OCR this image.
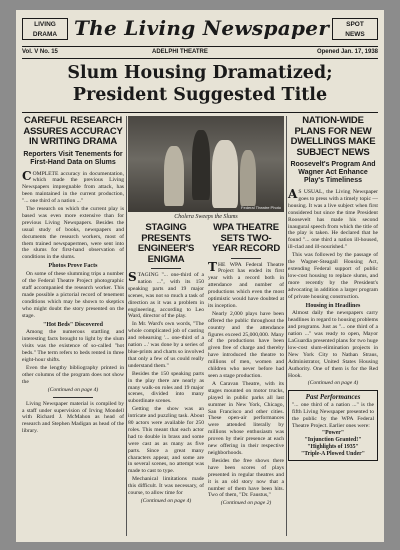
LIVING
DRAMA The Living Newspaper	SPOT
NEWS
Vol. V No. 15	ADELPHI THEATRE	Opened Jan. 17, 1938
Slum Housing Dramatized;
President Suggested Title
CAREFUL RESEARCH ASSURES ACCURACY IN WRITING DRAMA
Reporters Visit Tenements for First-Hand Data on Slums

COMPLETE accuracy in documentation, which made the previous Living Newspapers impregnable from attack, has been maintained in the current production, "... one third of a nation ..."

The research on which the current play is based was even more extensive than for previous Living Newspapers. Besides the usual study of books, newspapers and documents the research workers, most of them trained newspapermen, were sent into the slums for first-hand observation of conditions in the slums.

Photos Prove Facts

On some of these slumming trips a number of the Federal Theatre Project photographic staff accompanied the research worker. This made possible a pictorial record of tenement conditions which may be shown to skeptics who might doubt the story presented on the stage.

"Hot Beds" Discovered

Among the numerous startling and interesting facts brought to light by the slum visits was the existence of so-called "hot beds." The term refers to beds rented in three eight-hour shifts.

Even the lengthy bibliography printed in other columns of the program does not show the

(Continued on page 4)

Living Newspaper material is compiled by a staff under supervision of Irving Mondell with Richard J. McMahon as head of research and Stephen Madigan as head of the library.

Federal Theatre Photo
Cholera Sweeps the Slums
STAGING PRESENTS ENGINEER'S ENIGMA

STAGING "... one-third of a nation ...", with its 150 speaking parts and 19 major scenes, was not so much a task of direction as it was a problem in engineering, according to Leo Ward, director of the play.

In Mr. Ward's own words, "The whole complicated job of casting and rehearsing '... one-third of a nation ...' was done by a series of blue-prints and charts so involved that only a few of us could really understand them."

Besides the 150 speaking parts in the play there are nearly as many walk-on roles and 19 major scenes, divided into many subordinate scenes.

Getting the show was an intricate and puzzling task. About 80 actors were available for 250 roles. This meant that each actor had to double in brass and some were cast as as many as five parts. Since a great many characters appear, and some are in several scenes, no attempt was made to cast to type.

Mechanical limitations made this difficult. It was necessary, of course, to allow time for

(Continued on page 4)
WPA THEATRE SETS TWO-YEAR RECORD

THE WPA Federal Theatre Project has ended its first year with a record both in attendance and number of productions which even the most optimistic would have doubted at its inception.

Nearly 2,000 plays have been offered the public throughout the country and the attendance figures exceed 25,000,000. Many of the productions have been given free of charge and thereby have introduced the theatre to millions of men, women and children who never before had seen a stage production.

A Caravan Theatre, with its stages mounted on motor trucks, played in public parks all last summer in New York, Chicago, San Francisco and other cities. These open-air performances were attended literally by millions whose enthusiasm was proven by their presence at each new offering in their respective neighborhoods.

Besides the free shows there have been scores of plays presented in regular theatres and it is an old story now that a number of them have been hits. Two of them, "Dr. Faustus,"

(Continued on page 2)
NATION-WIDE PLANS FOR NEW DWELLINGS MAKE SUBJECT NEWS
Roosevelt's Program And Wagner Act Enhance Play's Timeliness

A S USUAL, the Living Newspaper goes to press with a timely topic — housing. It was a live subject when first considered but since the time President Roosevelt has made his second inaugural speech from which the title of the play is taken. He declared that he found "... one third a nation ill-housed, ill-clad and ill-nourished."

This was followed by the passage of the Wagner-Steagall Housing Act, extending Federal support of public low-cost housing to replace slums, and more recently by the President's advocating in addition a larger program of private housing construction.

Housing in Headlines

Almost daily the newspapers carry headlines in regard to housing problems and programs. Just as "... one third of a nation ..." was ready to open, Mayor LaGuardia presented plans for two huge low-cost slum-elimination projects in New York City to Nathan Straus, Administrator, United States Housing Authority. One of them is for the Red Hook.

(Continued on page 4)
Past Performances
"... one third of a nation ..." is the fifth Living Newspaper presented to the public by the WPA Federal Theatre Project. Earlier ones were:
"Power"
"Injunction Granted!"
"Highlights of 1935"
"Triple-A Plowed Under"
